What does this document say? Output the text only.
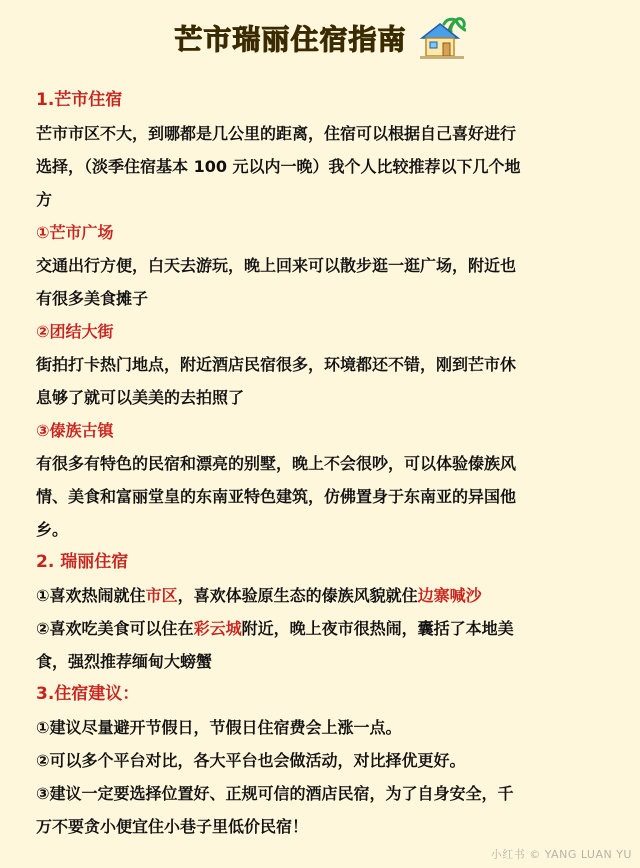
芒市瑞丽住宿指南
1.芒市住宿
芒市市区不大，到哪都是几公里的距离，住宿可以根据自己喜好进行
选择，（淡季住宿基本 100 元以内一晚）我个人比较推荐以下几个地
方
①芒市广场
交通出行方便，白天去游玩，晚上回来可以散步逛一逛广场，附近也
有很多美食摊子
②团结大街
街拍打卡热门地点，附近酒店民宿很多，环境都还不错，刚到芒市休
息够了就可以美美的去拍照了
③傣族古镇
有很多有特色的民宿和漂亮的别墅，晚上不会很吵，可以体验傣族风
情、美食和富丽堂皇的东南亚特色建筑，仿佛置身于东南亚的异国他
乡。
2. 瑞丽住宿
①喜欢热闹就住市区，喜欢体验原生态的傣族风貌就住边寨喊沙
②喜欢吃美食可以住在彩云城附近，晚上夜市很热闹，囊括了本地美
食，强烈推荐缅甸大螃蟹
3.住宿建议：
①建议尽量避开节假日，节假日住宿费会上涨一点。
②可以多个平台对比，各大平台也会做活动，对比择优更好。
③建议一定要选择位置好、正规可信的酒店民宿，为了自身安全，千
万不要贪小便宜住小巷子里低价民宿！
小红书 © YANG LUAN YU
